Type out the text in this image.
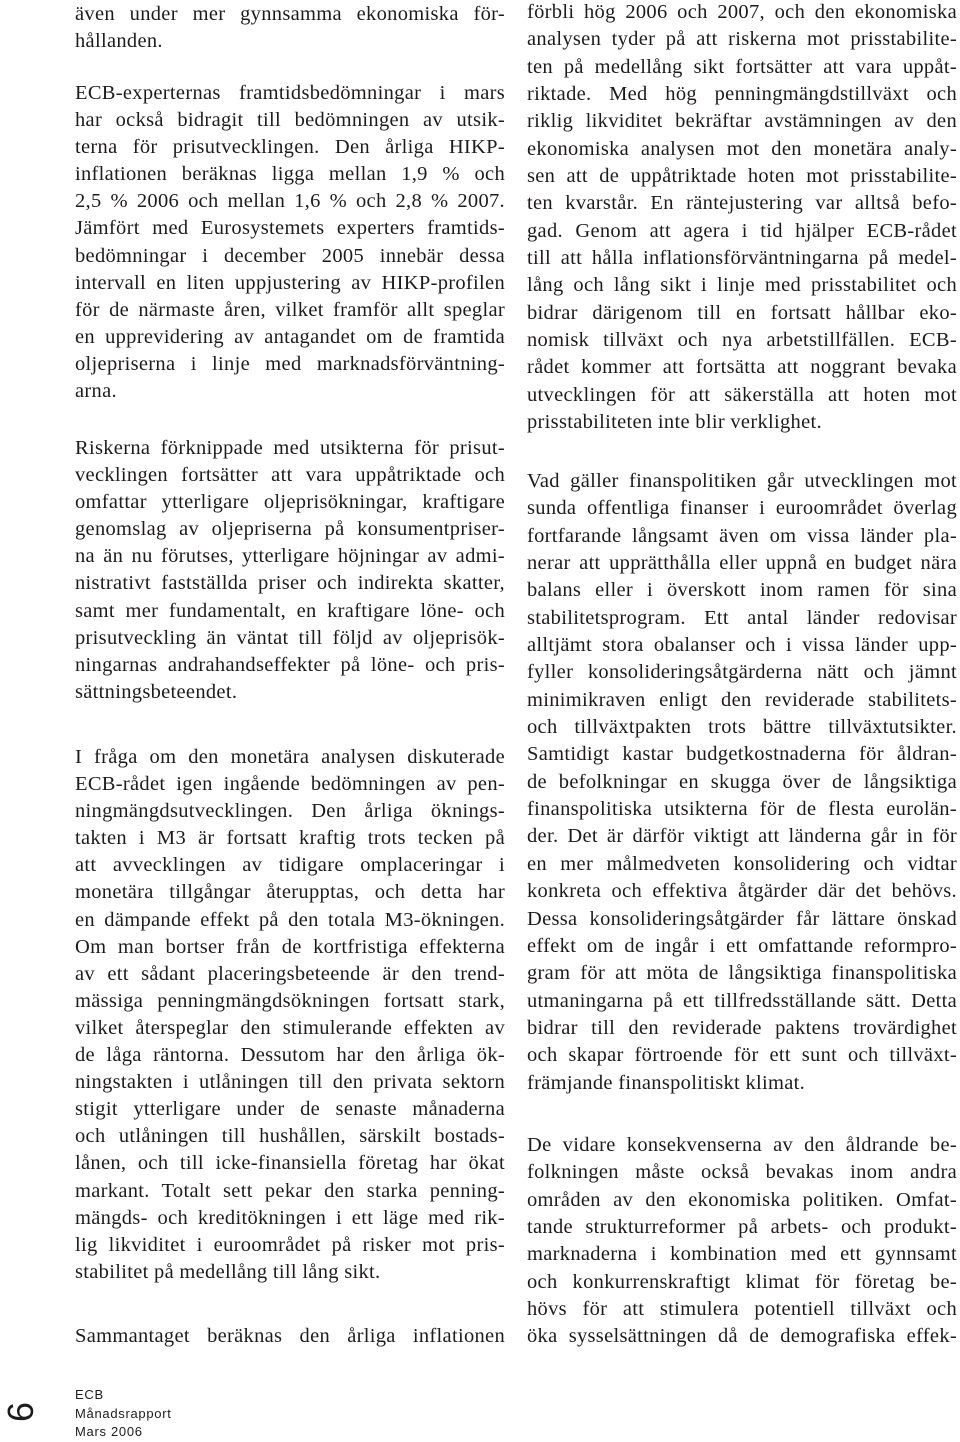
även under mer gynnsamma ekonomiska för-
hållanden.
ECB-experternas framtidsbedömningar i mars
har också bidragit till bedömningen av utsik-
terna för prisutvecklingen. Den årliga HIKP-
inflationen beräknas ligga mellan 1,9 % och
2,5 % 2006 och mellan 1,6 % och 2,8 % 2007.
Jämfört med Eurosystemets experters framtids-
bedömningar i december 2005 innebär dessa
intervall en liten uppjustering av HIKP-profilen
för de närmaste åren, vilket framför allt speglar
en upprevidering av antagandet om de framtida
oljepriserna i linje med marknadsförväntning-
arna.
Riskerna förknippade med utsikterna för prisut-
vecklingen fortsätter att vara uppåtriktade och
omfattar ytterligare oljeprisökningar, kraftigare
genomslag av oljepriserna på konsumentpriser-
na än nu förutses, ytterligare höjningar av admi-
nistrativt fastställda priser och indirekta skatter,
samt mer fundamentalt, en kraftigare löne- och
prisutveckling än väntat till följd av oljeprisök-
ningarnas andrahandseffekter på löne- och pris-
sättningsbeteendet.
I fråga om den monetära analysen diskuterade
ECB-rådet igen ingående bedömningen av pen-
ningmängdsutvecklingen. Den årliga öknings-
takten i M3 är fortsatt kraftig trots tecken på
att avvecklingen av tidigare omplaceringar i
monetära tillgångar återupptas, och detta har
en dämpande effekt på den totala M3-ökningen.
Om man bortser från de kortfristiga effekterna
av ett sådant placeringsbeteende är den trend-
mässiga penningmängdsökningen fortsatt stark,
vilket återspeglar den stimulerande effekten av
de låga räntorna. Dessutom har den årliga ök-
ningstakten i utlåningen till den privata sektorn
stigit ytterligare under de senaste månaderna
och utlåningen till hushållen, särskilt bostads-
lånen, och till icke-finansiella företag har ökat
markant. Totalt sett pekar den starka penning-
mängds- och kreditökningen i ett läge med rik-
lig likviditet i euroområdet på risker mot pris-
stabilitet på medellång till lång sikt.
Sammantaget beräknas den årliga inflationen
förbli hög 2006 och 2007, och den ekonomiska
analysen tyder på att riskerna mot prisstabilite-
ten på medellång sikt fortsätter att vara uppåt-
riktade. Med hög penningmängdstillväxt och
riklig likviditet bekräftar avstämningen av den
ekonomiska analysen mot den monetära analy-
sen att de uppåtriktade hoten mot prisstabilite-
ten kvarstår. En räntejustering var alltså befo-
gad. Genom att agera i tid hjälper ECB-rådet
till att hålla inflationsförväntningarna på medel-
lång och lång sikt i linje med prisstabilitet och
bidrar därigenom till en fortsatt hållbar eko-
nomisk tillväxt och nya arbetstillfällen. ECB-
rådet kommer att fortsätta att noggrant bevaka
utvecklingen för att säkerställa att hoten mot
prisstabiliteten inte blir verklighet.
Vad gäller finanspolitiken går utvecklingen mot
sunda offentliga finanser i euroområdet överlag
fortfarande långsamt även om vissa länder pla-
nerar att upprätthålla eller uppnå en budget nära
balans eller i överskott inom ramen för sina
stabilitetsprogram. Ett antal länder redovisar
alltjämt stora obalanser och i vissa länder upp-
fyller konsolideringsåtgärderna nätt och jämnt
minimikraven enligt den reviderade stabilitets-
och tillväxtpakten trots bättre tillväxtutsikter.
Samtidigt kastar budgetkostnaderna för åldran-
de befolkningar en skugga över de långsiktiga
finanspolitiska utsikterna för de flesta eurolän-
der. Det är därför viktigt att länderna går in för
en mer målmedveten konsolidering och vidtar
konkreta och effektiva åtgärder där det behövs.
Dessa konsolideringsåtgärder får lättare önskad
effekt om de ingår i ett omfattande reformpro-
gram för att möta de långsiktiga finanspolitiska
utmaningarna på ett tillfredsställande sätt. Detta
bidrar till den reviderade paktens trovärdighet
och skapar förtroende för ett sunt och tillväxt-
främjande finanspolitiskt klimat.
De vidare konsekvenserna av den åldrande be-
folkningen måste också bevakas inom andra
områden av den ekonomiska politiken. Omfat-
tande strukturreformer på arbets- och produkt-
marknaderna i kombination med ett gynnsamt
och konkurrenskraftigt klimat för företag be-
hövs för att stimulera potentiell tillväxt och
öka sysselsättningen då de demografiska effek-
6
ECB
Månadsrapport
Mars 2006
